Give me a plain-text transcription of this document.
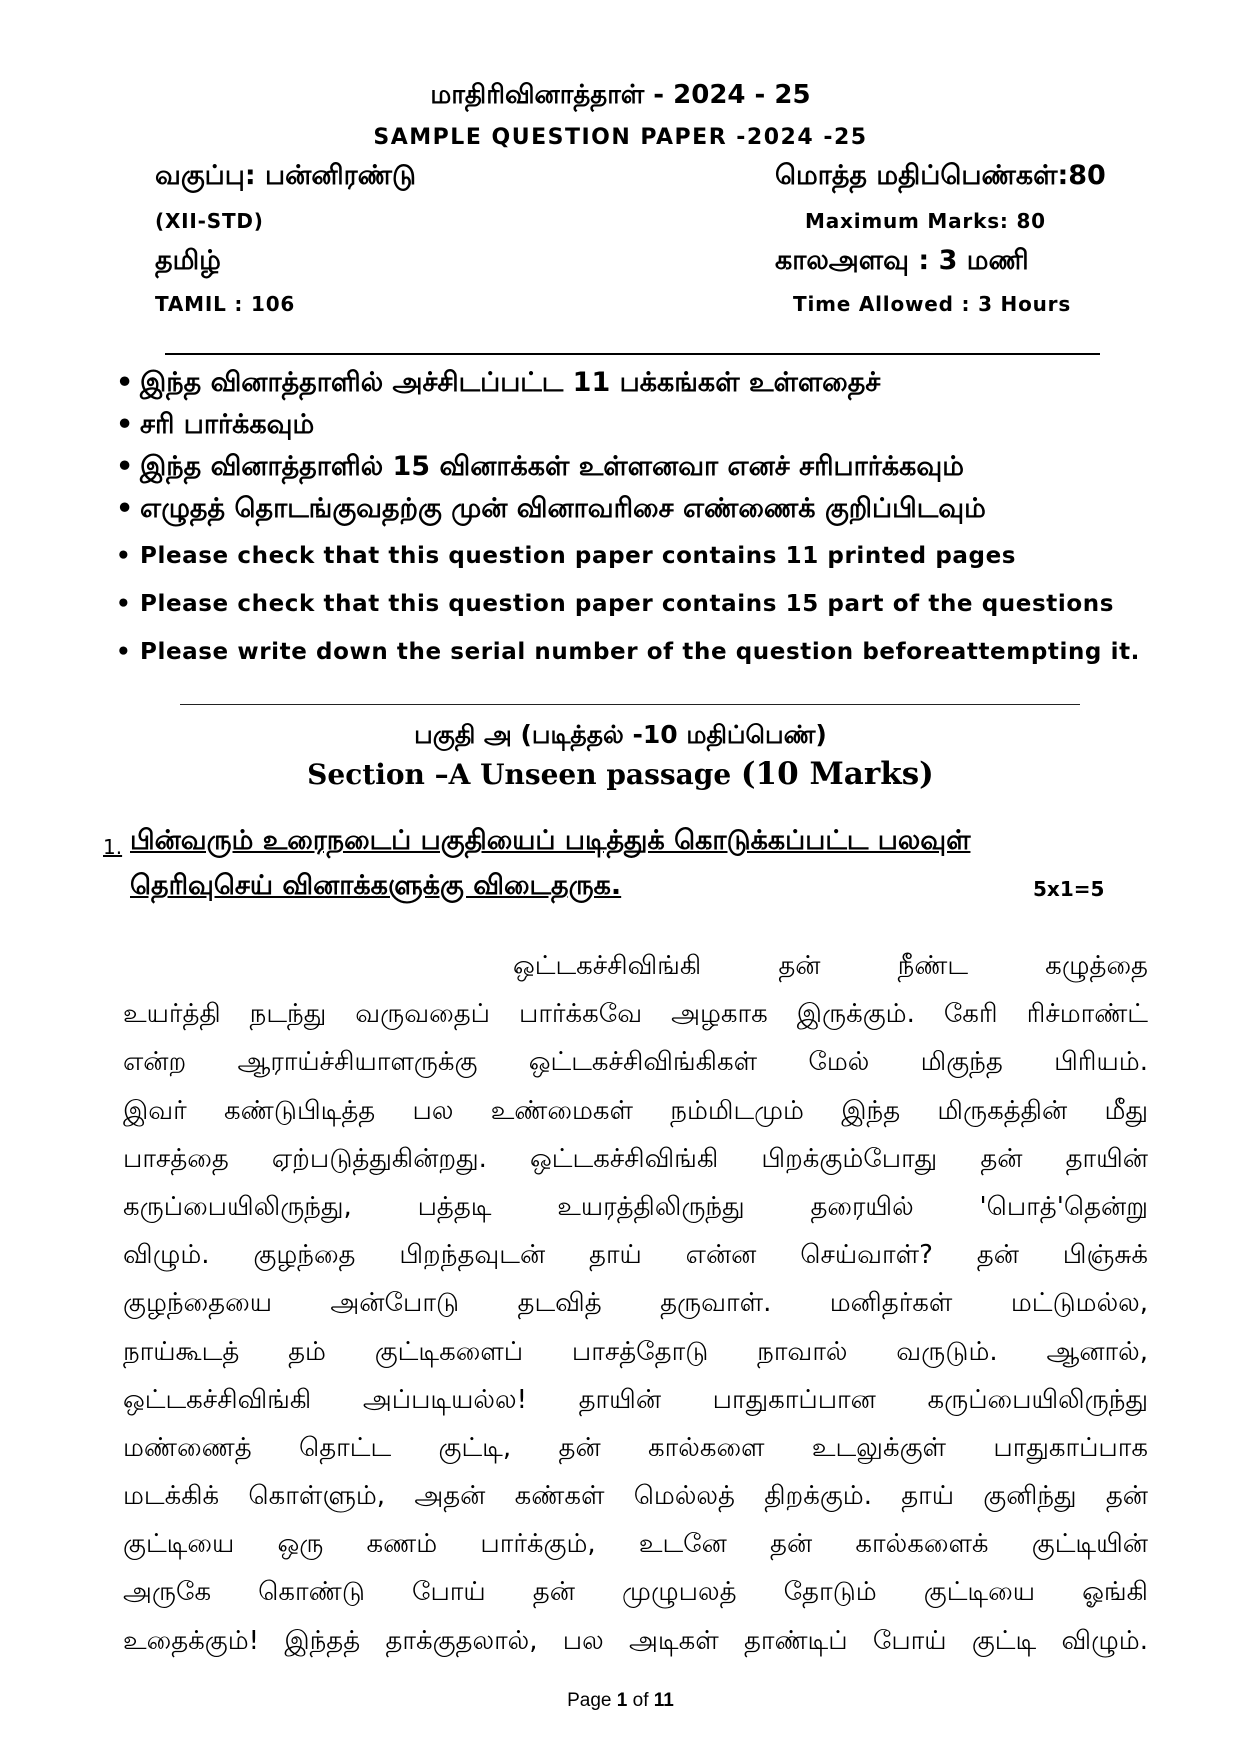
மாதிரிவினாத்தாள் - 2024 - 25
SAMPLE QUESTION PAPER -2024 -25
வகுப்பு: பன்னிரண்டு	மொத்த மதிப்பெண்கள்:80
(XII-STD)	Maximum Marks: 80
தமிழ்	காலஅளவு : 3 மணி
TAMIL : 106	Time Allowed : 3 Hours
• இந்த வினாத்தாளில் அச்சிடப்பட்ட 11 பக்கங்கள் உள்ளதைச்
• சரி பார்க்கவும்
• இந்த வினாத்தாளில் 15 வினாக்கள் உள்ளனவா எனச் சரிபார்க்கவும்
• எழுதத் தொடங்குவதற்கு முன் வினாவரிசை எண்ணைக் குறிப்பிடவும்
• Please check that this question paper contains 11 printed pages
• Please check that this question paper contains 15 part of the questions
• Please write down the serial number of the question beforeattempting it.
பகுதி அ (படித்தல் -10 மதிப்பெண்)
Section –A Unseen passage (10 Marks)
1. பின்வரும் உரைநடைப் பகுதியைப் படித்துக் கொடுக்கப்பட்ட பலவுள்
தெரிவுசெய் வினாக்களுக்கு விடைதருக.	5x1=5
ஒட்டகச்சிவிங்கி தன் நீண்ட கழுத்தை
உயர்த்தி நடந்து வருவதைப் பார்க்கவே அழகாக இருக்கும். கேரி ரிச்மாண்ட்
என்ற ஆராய்ச்சியாளருக்கு ஒட்டகச்சிவிங்கிகள் மேல் மிகுந்த பிரியம்.
இவர் கண்டுபிடித்த பல உண்மைகள் நம்மிடமும் இந்த மிருகத்தின் மீது
பாசத்தை ஏற்படுத்துகின்றது. ஒட்டகச்சிவிங்கி பிறக்கும்போது தன் தாயின்
கருப்பையிலிருந்து, பத்தடி உயரத்திலிருந்து தரையில் 'பொத்'தென்று
விழும். குழந்தை பிறந்தவுடன் தாய் என்ன செய்வாள்? தன் பிஞ்சுக்
குழந்தையை அன்போடு தடவித் தருவாள். மனிதர்கள் மட்டுமல்ல,
நாய்கூடத் தம் குட்டிகளைப் பாசத்தோடு நாவால் வருடும். ஆனால்,
ஒட்டகச்சிவிங்கி அப்படியல்ல! தாயின் பாதுகாப்பான கருப்பையிலிருந்து
மண்ணைத் தொட்ட குட்டி, தன் கால்களை உடலுக்குள் பாதுகாப்பாக
மடக்கிக் கொள்ளும், அதன் கண்கள் மெல்லத் திறக்கும். தாய் குனிந்து தன்
குட்டியை ஒரு கணம் பார்க்கும், உடனே தன் கால்களைக் குட்டியின்
அருகே கொண்டு போய் தன் முழுபலத் தோடும் குட்டியை ஓங்கி
உதைக்கும்! இந்தத் தாக்குதலால், பல அடிகள் தாண்டிப் போய் குட்டி விழும்.
Page 1 of 11
